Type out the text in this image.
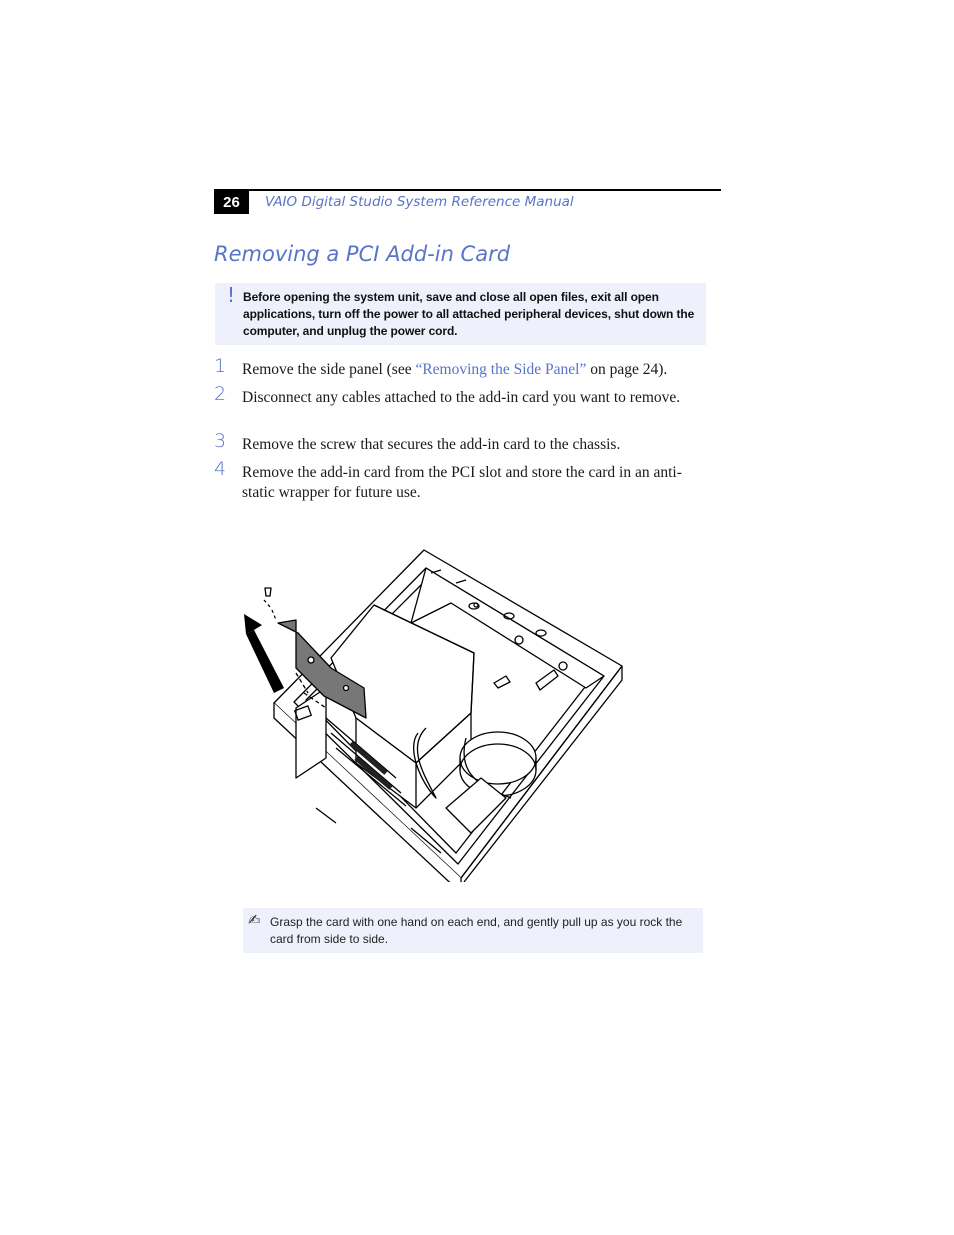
26	VAIO Digital Studio System Reference Manual
Removing a PCI Add-in Card
! Before opening the system unit, save and close all open files, exit all open applications, turn off the power to all attached peripheral devices, shut down the computer, and unplug the power cord.
1 Remove the side panel (see “Removing the Side Panel” on page 24).
2 Disconnect any cables attached to the add-in card you want to remove.
3 Remove the screw that secures the add-in card to the chassis.
4 Remove the add-in card from the PCI slot and store the card in an anti-static wrapper for future use.
✍ Grasp the card with one hand on each end, and gently pull up as you rock the card from side to side.
